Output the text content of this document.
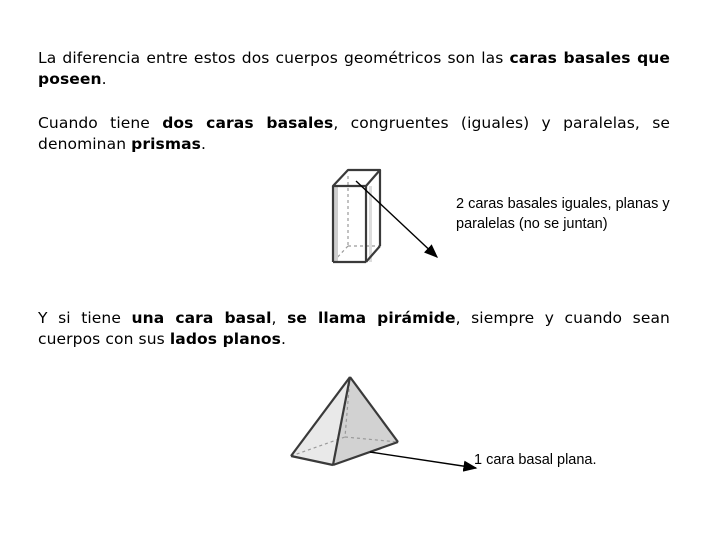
La diferencia entre estos dos cuerpos geométricos son las caras basales que poseen.

Cuando tiene dos caras basales, congruentes (iguales) y paralelas, se denominan prismas.

Y si tiene una cara basal, se llama pirámide, siempre y cuando sean cuerpos con sus lados planos.

2 caras basales iguales, planas y paralelas (no se juntan)
1 cara basal plana.
